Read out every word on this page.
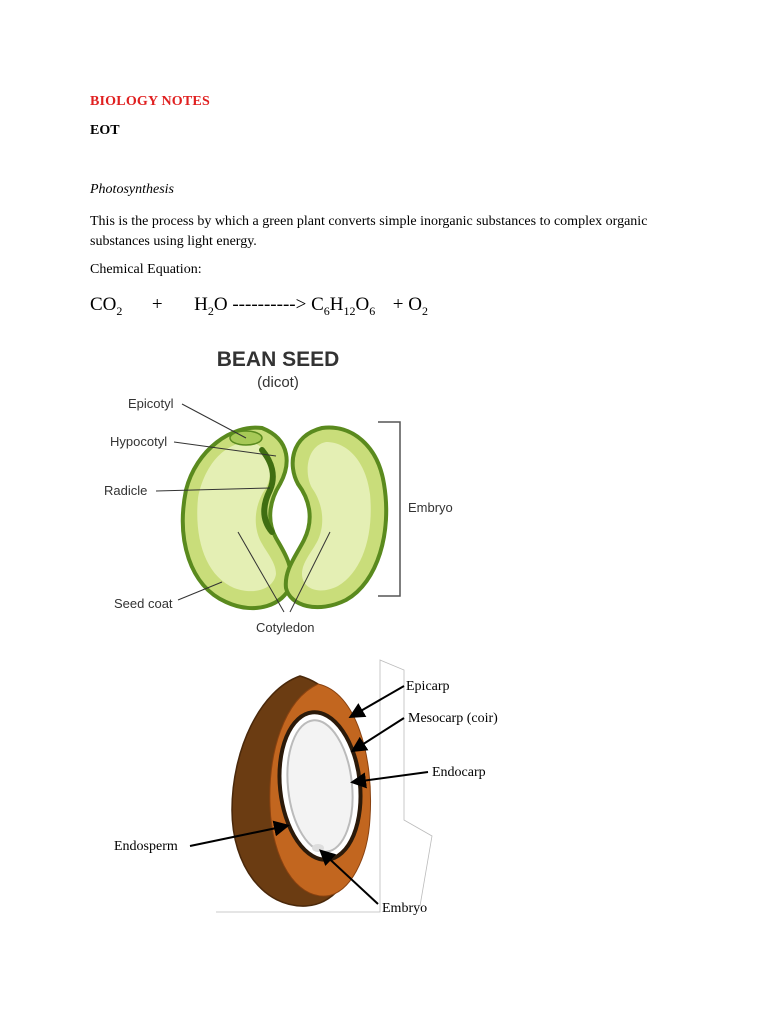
BIOLOGY NOTES
EOT
Photosynthesis
This is the process by which a green plant converts simple inorganic substances to complex organic substances using light energy.
Chemical Equation:
$CO_2 + H_2O$ ----------> $C_6H_{12}O_6 + O_2$
BEAN SEED
(dicot)
Epicotyl
Hypocotyl
Radicle
Seed coat
Cotyledon
Embryo
Epicarp
Mesocarp (coir)
Endocarp
Endosperm
Embryo
